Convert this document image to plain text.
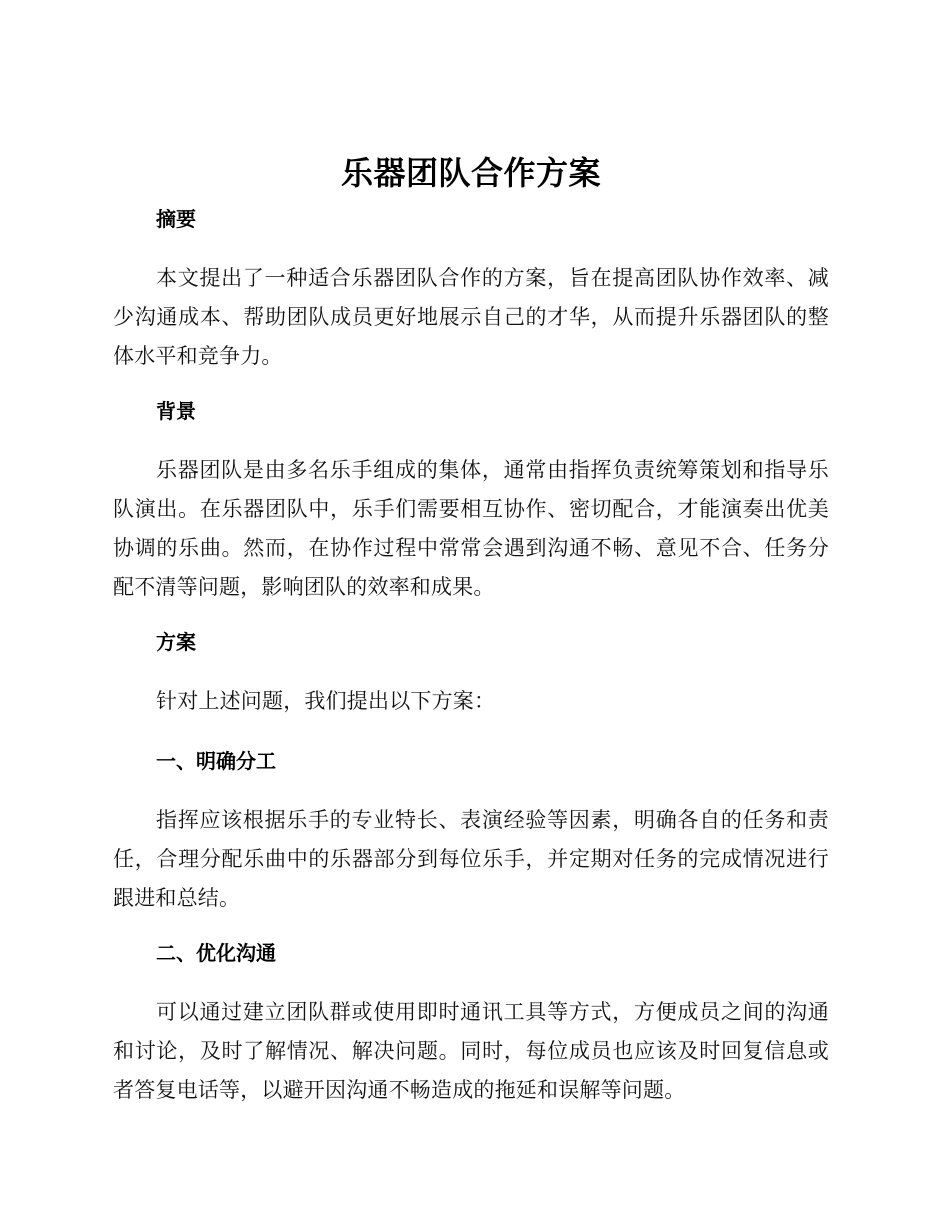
乐器团队合作方案
摘要

本文提出了一种适合乐器团队合作的方案，旨在提高团队协作效率、减少沟通成本、帮助团队成员更好地展示自己的才华，从而提升乐器团队的整体水平和竞争力。

背景

乐器团队是由多名乐手组成的集体，通常由指挥负责统筹策划和指导乐队演出。在乐器团队中，乐手们需要相互协作、密切配合，才能演奏出优美协调的乐曲。然而，在协作过程中常常会遇到沟通不畅、意见不合、任务分配不清等问题，影响团队的效率和成果。

方案

针对上述问题，我们提出以下方案：

一、明确分工

指挥应该根据乐手的专业特长、表演经验等因素，明确各自的任务和责任，合理分配乐曲中的乐器部分到每位乐手，并定期对任务的完成情况进行跟进和总结。

二、优化沟通

可以通过建立团队群或使用即时通讯工具等方式，方便成员之间的沟通和讨论，及时了解情况、解决问题。同时，每位成员也应该及时回复信息或者答复电话等，以避开因沟通不畅造成的拖延和误解等问题。
